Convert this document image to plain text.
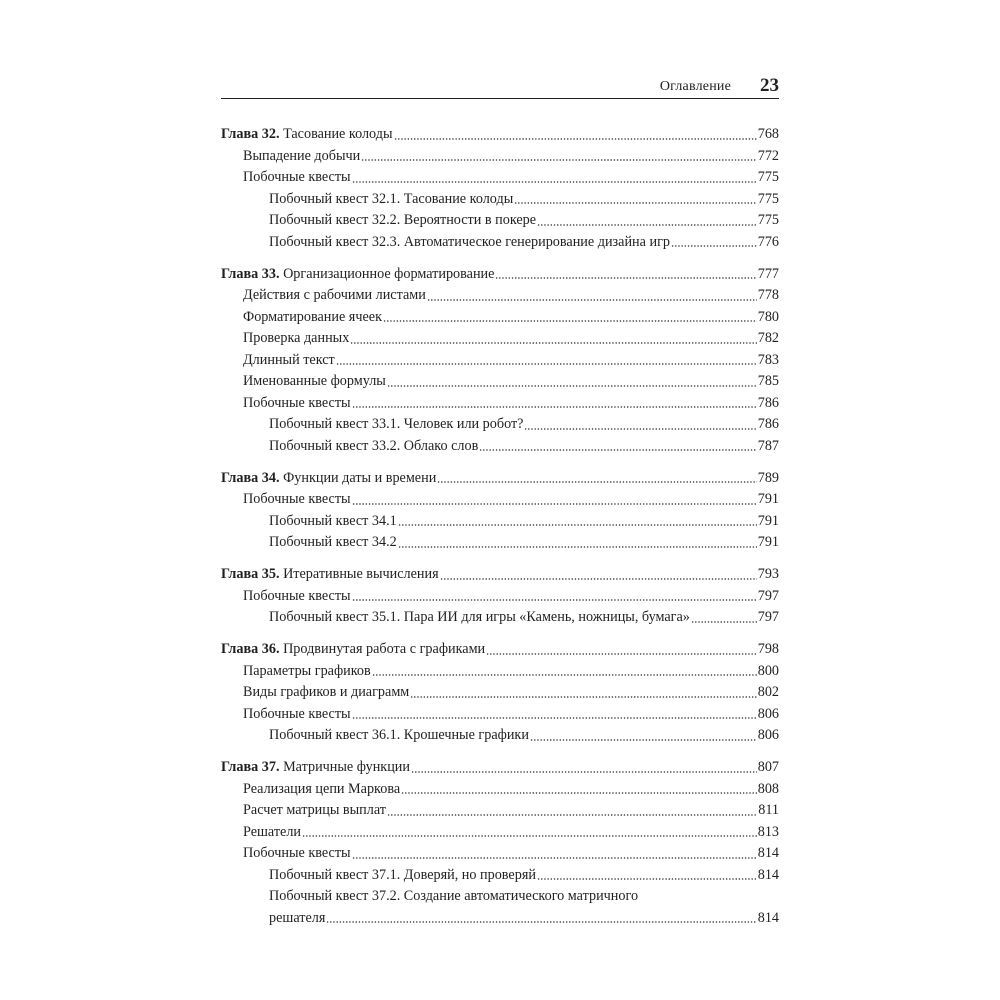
Оглавление 23
Глава 32. Тасование колоды	768
Выпадение добычи	772
Побочные квесты	775
Побочный квест 32.1. Тасование колоды	775
Побочный квест 32.2. Вероятности в покере	775
Побочный квест 32.3. Автоматическое генерирование дизайна игр	776
Глава 33. Организационное форматирование	777
Действия с рабочими листами	778
Форматирование ячеек	780
Проверка данных	782
Длинный текст	783
Именованные формулы	785
Побочные квесты	786
Побочный квест 33.1. Человек или робот?	786
Побочный квест 33.2. Облако слов	787
Глава 34. Функции даты и времени	789
Побочные квесты	791
Побочный квест 34.1	791
Побочный квест 34.2	791
Глава 35. Итеративные вычисления	793
Побочные квесты	797
Побочный квест 35.1. Пара ИИ для игры «Камень, ножницы, бумага»	797
Глава 36. Продвинутая работа с графиками	798
Параметры графиков	800
Виды графиков и диаграмм	802
Побочные квесты	806
Побочный квест 36.1. Крошечные графики	806
Глава 37. Матричные функции	807
Реализация цепи Маркова	808
Расчет матрицы выплат	811
Решатели	813
Побочные квесты	814
Побочный квест 37.1. Доверяй, но проверяй	814
Побочный квест 37.2. Создание автоматического матричного
решателя	814
